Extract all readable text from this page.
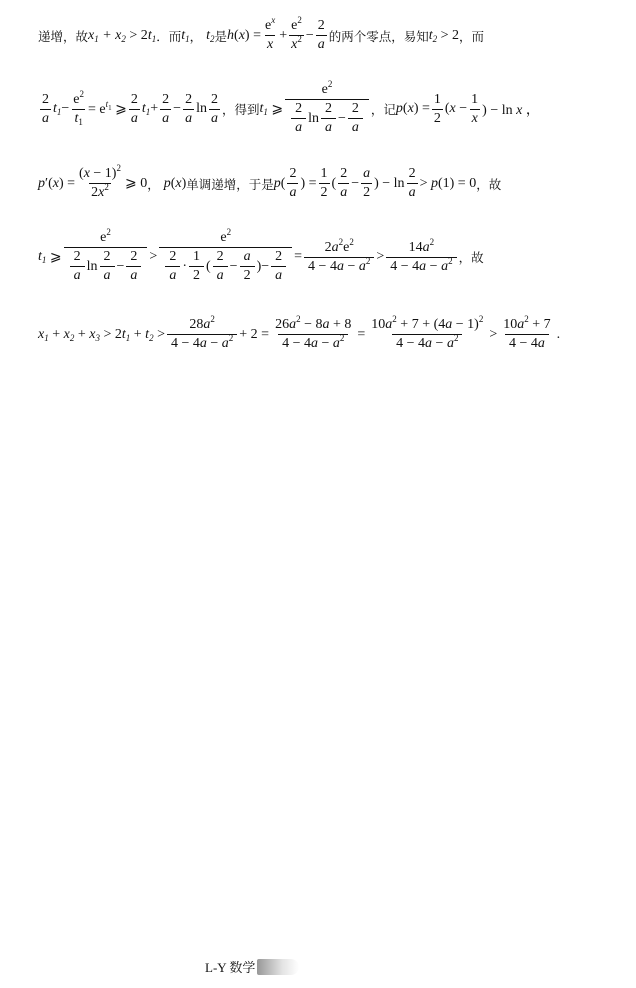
递增，故 $x_1 + x_2 > 2t_1$ ．而 $t_1$ ， $t_2$ 是 $h(x) = \frac{e^x}{x} + \frac{e^2}{x^2} - \frac{2}{a}$ 的两个零点，易知 $t_2 > 2$ ，而
$\frac{2}{a} t_1 - \frac{e^2}{t_1} = e^{t_1}$ ⩾ $\frac{2}{a} t_1 + \frac{2}{a} - \frac{2}{a}$ $\ln \frac{2}{a}$ ，得到 $t_1$ ⩾ $\frac{e^2}{\frac{2}{a} \ln \frac{2}{a} - \frac{2}{a}}$ ，记 $p(x) = \frac{1}{2} (x - \frac{1}{x}$ ) − ln x ，
$p'(x) = \frac{(x - 1)^2}{2x^2}$ ⩾ 0 ， p(x) 单调递增，于是 p ( $\frac{2}{a}$ ) = $\frac{1}{2}$ ( $\frac{2}{a} - \frac{a}{2}$ ) − $\ln \frac{2}{a} > p(1) = 0$ ，故
$t_1$ ⩾ $\frac{e^2}{\frac{2}{a} \ln \frac{2}{a} - \frac{2}{a}} > \frac{e^2}{\frac{2}{a} \cdot \frac{1}{2} ( \frac{2}{a} - \frac{a}{2} )- \frac{2}{a}} = \frac{2a^2e^2}{4 - 4a - a^2} > \frac{14a^2}{4 - 4a - a^2}$ ，故
$x_1 + x_2 + x_3 > 2t_1 + t_2 > \frac{28a^2}{4 - 4a - a^2} + 2 = \frac{26a^2 - 8a + 8}{4 - 4a - a^2} = \frac{10a^2 + 7 + (4a - 1)^2}{4 - 4a - a^2} > \frac{10a^2 + 7}{4 - 4a}$ .
L-Y 数学
